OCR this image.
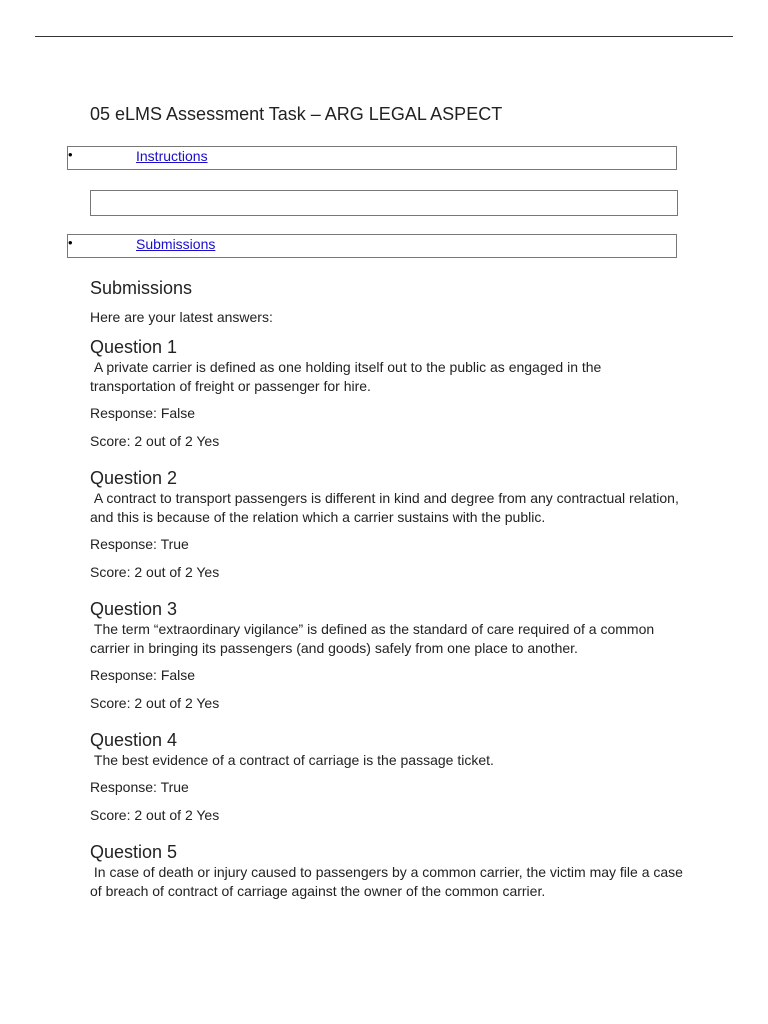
05 eLMS Assessment Task – ARG LEGAL ASPECT
•	Instructions
•	Submissions
Submissions

Here are your latest answers:

Question 1

A private carrier is defined as one holding itself out to the public as engaged in the transportation of freight or passenger for hire.

Response: False

Score: 2 out of 2 Yes

Question 2

A contract to transport passengers is different in kind and degree from any contractual relation, and this is because of the relation which a carrier sustains with the public.

Response: True

Score: 2 out of 2 Yes

Question 3

The term “extraordinary vigilance” is defined as the standard of care required of a common carrier in bringing its passengers (and goods) safely from one place to another.

Response: False

Score: 2 out of 2 Yes

Question 4

The best evidence of a contract of carriage is the passage ticket.

Response: True

Score: 2 out of 2 Yes

Question 5

In case of death or injury caused to passengers by a common carrier, the victim may file a case of breach of contract of carriage against the owner of the common carrier.
